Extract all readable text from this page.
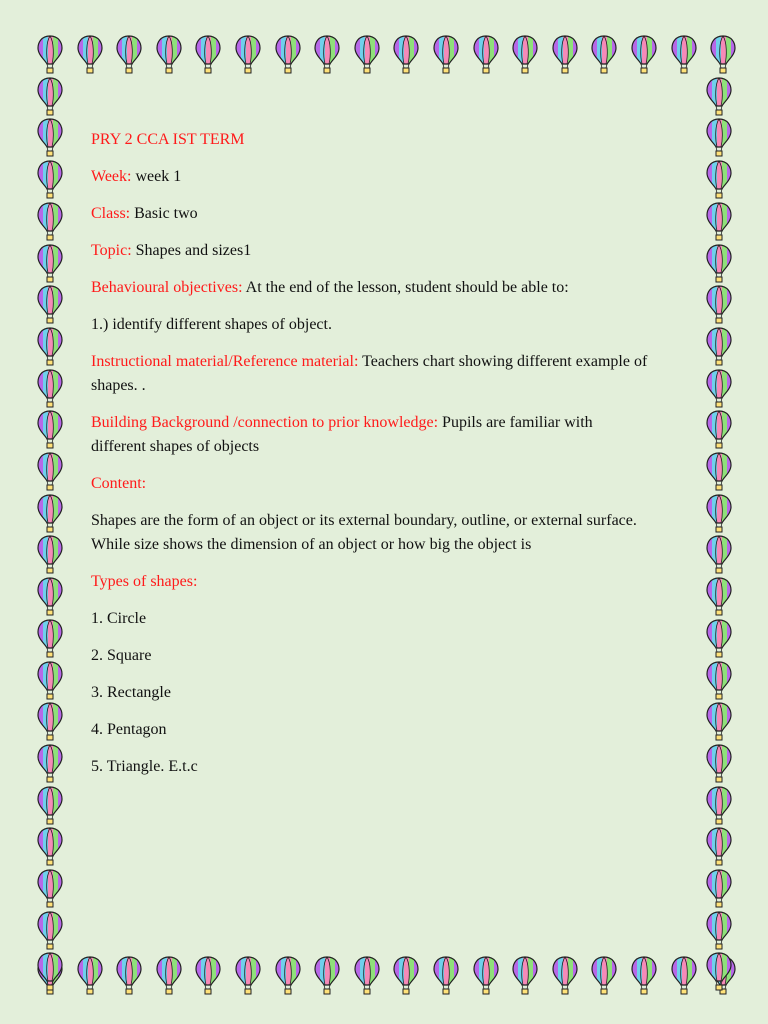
PRY 2 CCA IST TERM
Week: week 1
Class: Basic two
Topic: Shapes and sizes1
Behavioural objectives: At the end of the lesson, student should be able to:
1.) identify different shapes of object.
Instructional material/Reference material: Teachers chart showing different example of shapes. .
Building Background /connection to prior knowledge: Pupils are familiar with different shapes of objects
Content:
Shapes are the form of an object or its external boundary, outline, or external surface. While size shows the dimension of an object or how big the object is
Types of shapes:
1. Circle
2. Square
3. Rectangle
4. Pentagon
5. Triangle. E.t.c
